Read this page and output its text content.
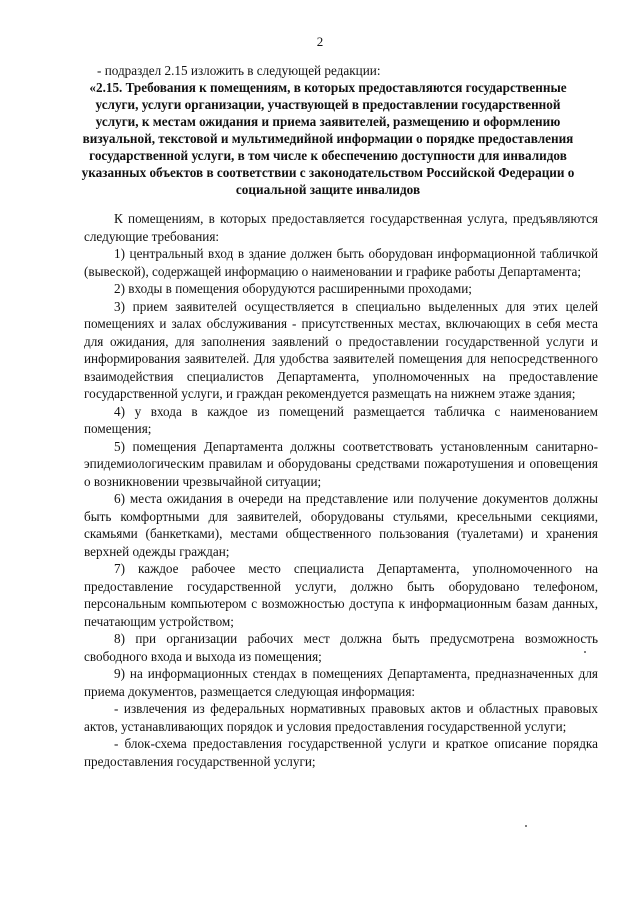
2
- подраздел 2.15 изложить в следующей редакции:
«2.15. Требования к помещениям, в которых предоставляются государственные услуги, услуги организации, участвующей в предоставлении государственной услуги, к местам ожидания и приема заявителей, размещению и оформлению визуальной, текстовой и мультимедийной информации о порядке предоставления государственной услуги, в том числе к обеспечению доступности для инвалидов указанных объектов в соответствии с законодательством Российской Федерации о социальной защите инвалидов

К помещениям, в которых предоставляется государственная услуга, предъявляются следующие требования:

1) центральный вход в здание должен быть оборудован информационной табличкой (вывеской), содержащей информацию о наименовании и графике работы Департамента;

2) входы в помещения оборудуются расширенными проходами;

3) прием заявителей осуществляется в специально выделенных для этих целей помещениях и залах обслуживания - присутственных местах, включающих в себя места для ожидания, для заполнения заявлений о предоставлении государственной услуги и информирования заявителей. Для удобства заявителей помещения для непосредственного взаимодействия специалистов Департамента, уполномоченных на предоставление государственной услуги, и граждан рекомендуется размещать на нижнем этаже здания;

4) у входа в каждое из помещений размещается табличка с наименованием помещения;

5) помещения Департамента должны соответствовать установленным санитарно-эпидемиологическим правилам и оборудованы средствами пожаротушения и оповещения о возникновении чрезвычайной ситуации;

6) места ожидания в очереди на представление или получение документов должны быть комфортными для заявителей, оборудованы стульями, кресельными секциями, скамьями (банкетками), местами общественного пользования (туалетами) и хранения верхней одежды граждан;

7) каждое рабочее место специалиста Департамента, уполномоченного на предоставление государственной услуги, должно быть оборудовано телефоном, персональным компьютером с возможностью доступа к информационным базам данных, печатающим устройством;

8) при организации рабочих мест должна быть предусмотрена возможность свободного входа и выхода из помещения;

9) на информационных стендах в помещениях Департамента, предназначенных для приема документов, размещается следующая информация:

- извлечения из федеральных нормативных правовых актов и областных правовых актов, устанавливающих порядок и условия предоставления государственной услуги;

- блок-схема предоставления государственной услуги и краткое описание порядка предоставления государственной услуги;
